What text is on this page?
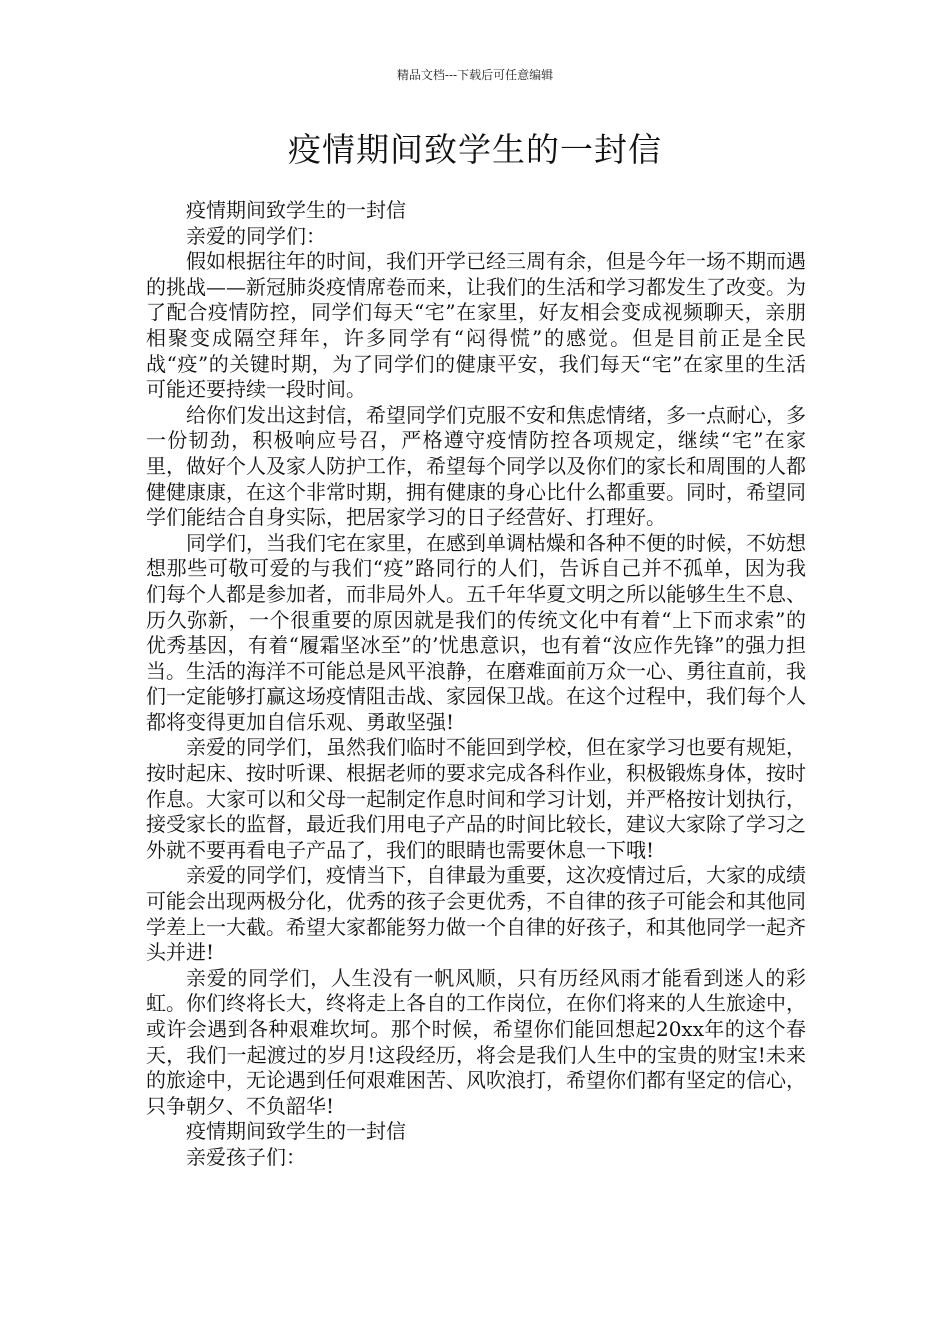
精品文档---下载后可任意编辑
疫情期间致学生的一封信

疫情期间致学生的一封信

亲爱的同学们：

假如根据往年的时间，我们开学已经三周有余，但是今年一场不期而遇的挑战——新冠肺炎疫情席卷而来，让我们的生活和学习都发生了改变。为了配合疫情防控，同学们每天“宅”在家里，好友相会变成视频聊天，亲朋相聚变成隔空拜年，许多同学有“闷得慌”的感觉。但是目前正是全民战“疫”的关键时期，为了同学们的健康平安，我们每天“宅”在家里的生活可能还要持续一段时间。

给你们发出这封信，希望同学们克服不安和焦虑情绪，多一点耐心，多一份韧劲，积极响应号召，严格遵守疫情防控各项规定，继续“宅”在家里，做好个人及家人防护工作，希望每个同学以及你们的家长和周围的人都健健康康，在这个非常时期，拥有健康的身心比什么都重要。同时，希望同学们能结合自身实际，把居家学习的日子经营好、打理好。

同学们，当我们宅在家里，在感到单调枯燥和各种不便的时候，不妨想想那些可敬可爱的与我们“疫”路同行的人们，告诉自己并不孤单，因为我们每个人都是参加者，而非局外人。五千年华夏文明之所以能够生生不息、历久弥新，一个很重要的原因就是我们的传统文化中有着“上下而求索”的优秀基因，有着“履霜坚冰至”的’忧患意识，也有着“汝应作先锋”的强力担当。生活的海洋不可能总是风平浪静，在磨难面前万众一心、勇往直前，我们一定能够打赢这场疫情阻击战、家园保卫战。在这个过程中，我们每个人都将变得更加自信乐观、勇敢坚强!

亲爱的同学们，虽然我们临时不能回到学校，但在家学习也要有规矩，按时起床、按时听课、根据老师的要求完成各科作业，积极锻炼身体，按时作息。大家可以和父母一起制定作息时间和学习计划，并严格按计划执行，接受家长的监督，最近我们用电子产品的时间比较长，建议大家除了学习之外就不要再看电子产品了，我们的眼睛也需要休息一下哦!

亲爱的同学们，疫情当下，自律最为重要，这次疫情过后，大家的成绩可能会出现两极分化，优秀的孩子会更优秀，不自律的孩子可能会和其他同学差上一大截。希望大家都能努力做一个自律的好孩子，和其他同学一起齐头并进!

亲爱的同学们，人生没有一帆风顺，只有历经风雨才能看到迷人的彩虹。你们终将长大，终将走上各自的工作岗位，在你们将来的人生旅途中，或许会遇到各种艰难坎坷。那个时候，希望你们能回想起20xx年的这个春天，我们一起渡过的岁月!这段经历，将会是我们人生中的宝贵的财宝!未来的旅途中，无论遇到任何艰难困苦、风吹浪打，希望你们都有坚定的信心，只争朝夕、不负韶华!

疫情期间致学生的一封信

亲爱孩子们：
